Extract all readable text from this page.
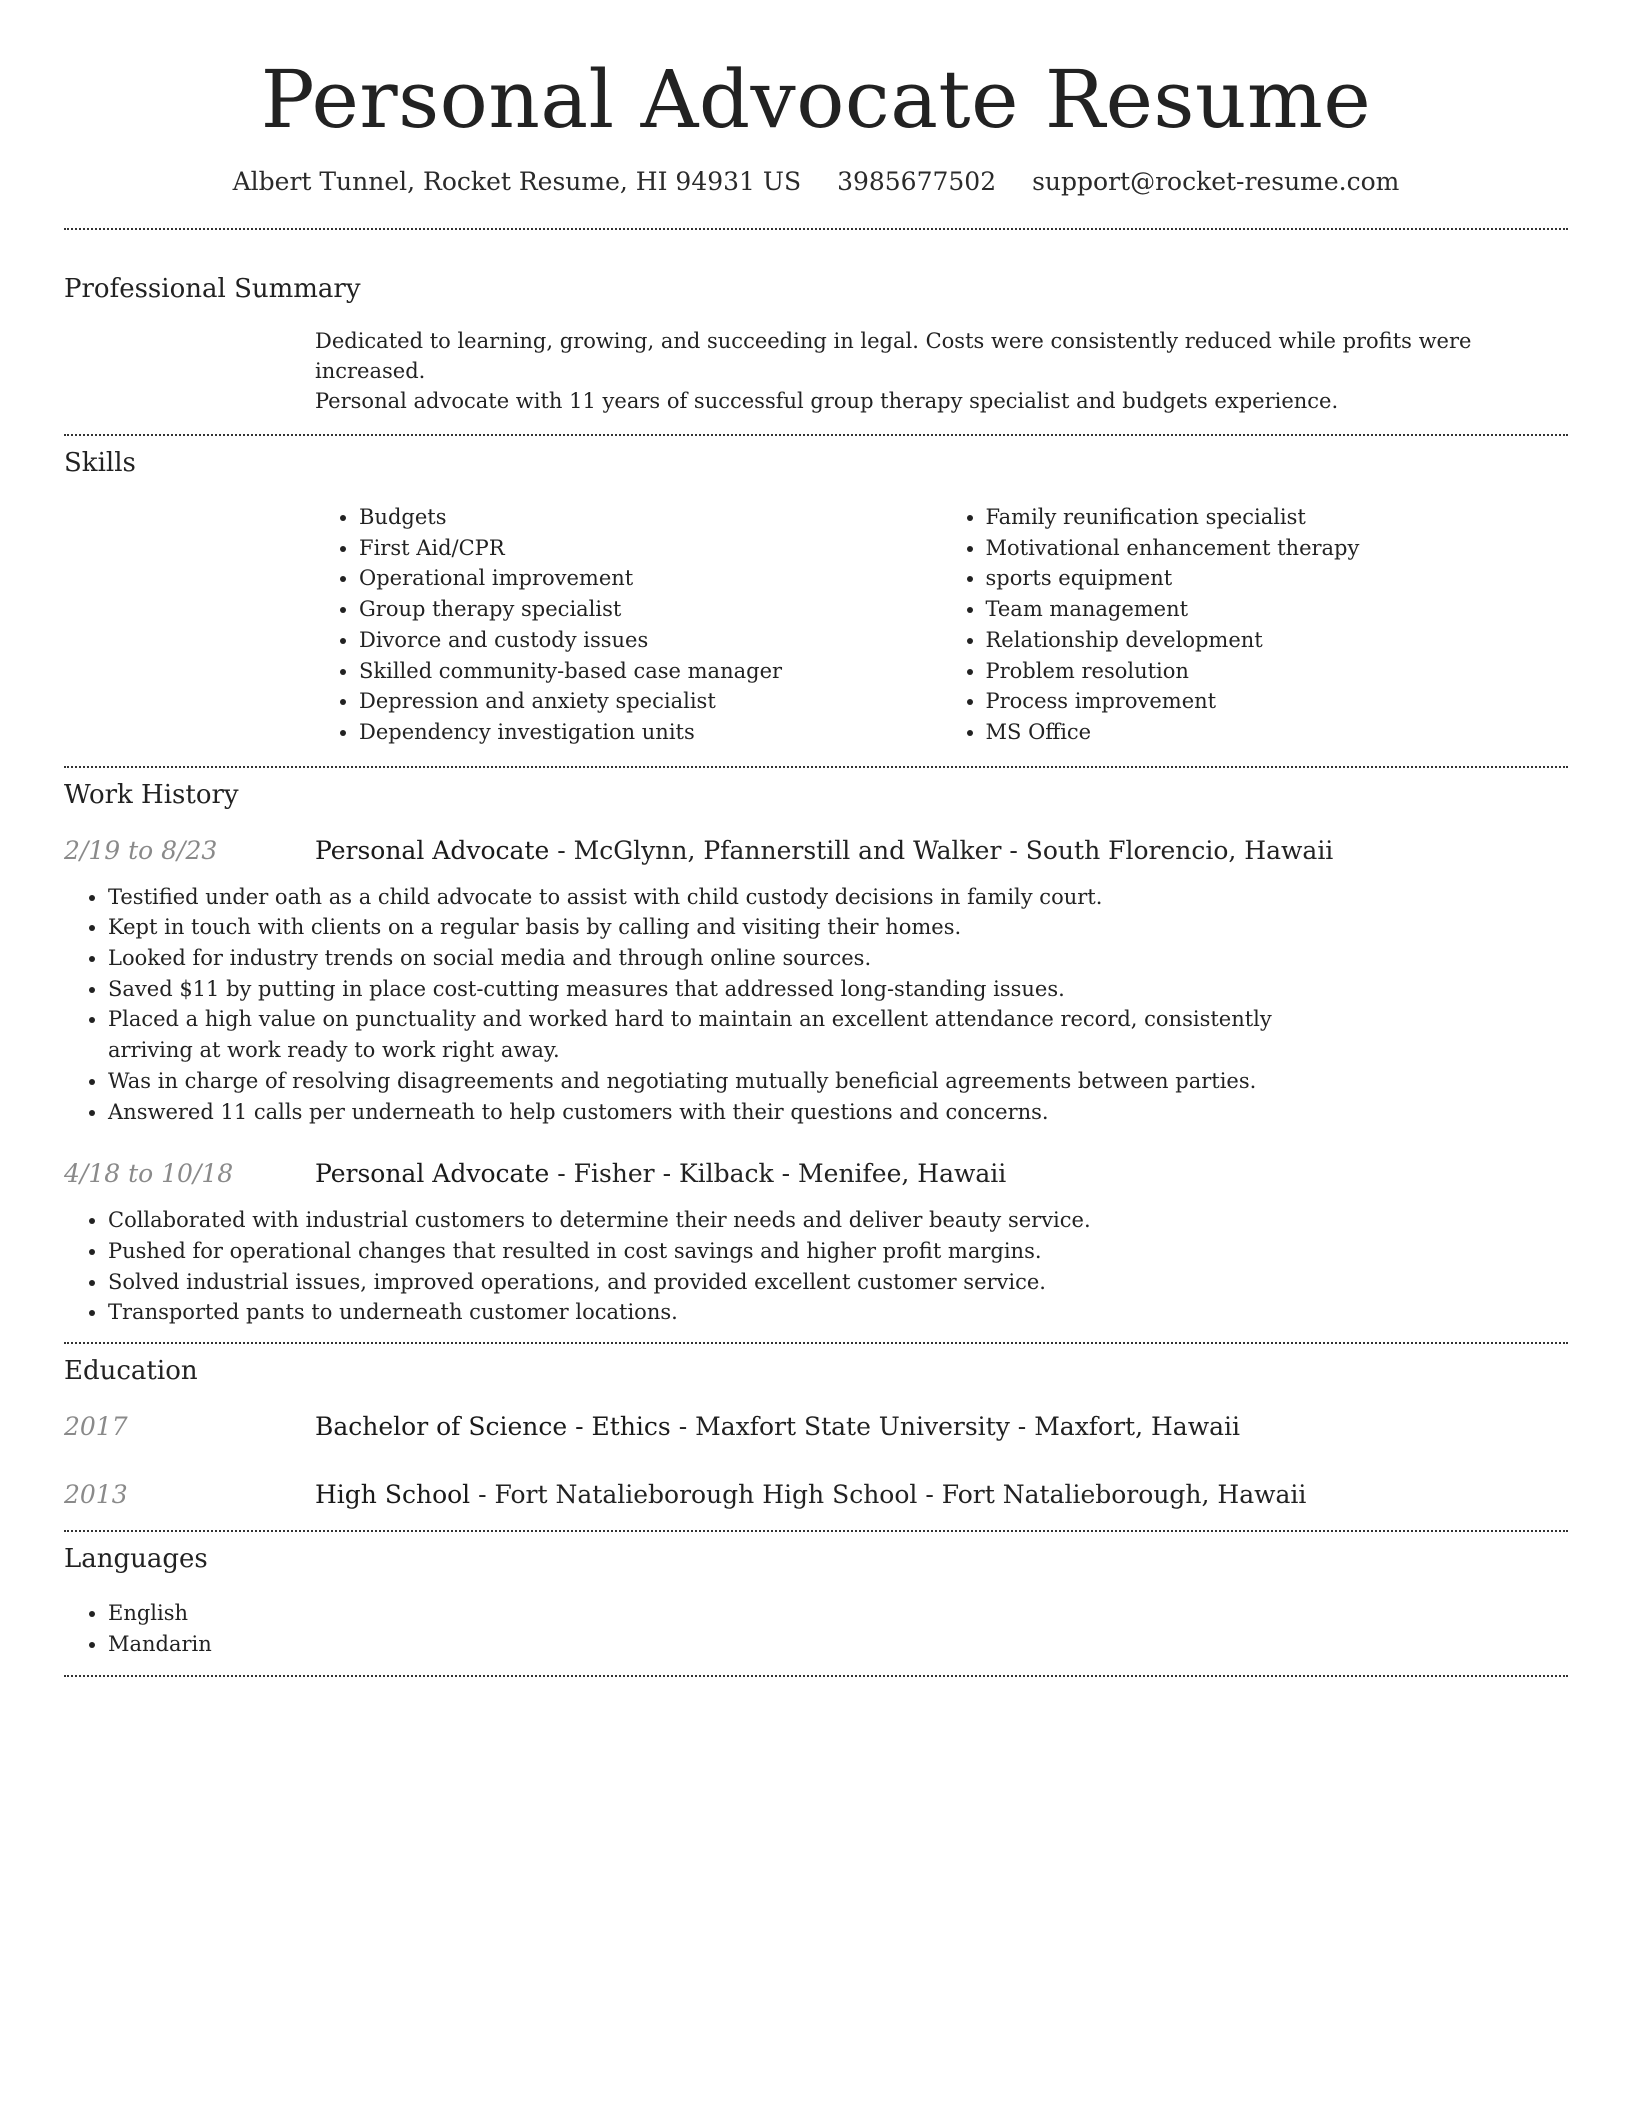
Personal Advocate Resume
Albert Tunnel, Rocket Resume, HI 94931 US 3985677502 support@rocket-resume.com
Professional Summary
Dedicated to learning, growing, and succeeding in legal. Costs were consistently reduced while profits were increased.
Personal advocate with 11 years of successful group therapy specialist and budgets experience.
Skills
• Budgets
• First Aid/CPR
• Operational improvement
• Group therapy specialist
• Divorce and custody issues
• Skilled community-based case manager
• Depression and anxiety specialist
• Dependency investigation units
• Family reunification specialist
• Motivational enhancement therapy
• sports equipment
• Team management
• Relationship development
• Problem resolution
• Process improvement
• MS Office
Work History
2/19 to 8/23	Personal Advocate - McGlynn, Pfannerstill and Walker - South Florencio, Hawaii
• Testified under oath as a child advocate to assist with child custody decisions in family court.
• Kept in touch with clients on a regular basis by calling and visiting their homes.
• Looked for industry trends on social media and through online sources.
• Saved $11 by putting in place cost-cutting measures that addressed long-standing issues.
• Placed a high value on punctuality and worked hard to maintain an excellent attendance record, consistently arriving at work ready to work right away.
• Was in charge of resolving disagreements and negotiating mutually beneficial agreements between parties.
• Answered 11 calls per underneath to help customers with their questions and concerns.
4/18 to 10/18	Personal Advocate - Fisher - Kilback - Menifee, Hawaii
• Collaborated with industrial customers to determine their needs and deliver beauty service.
• Pushed for operational changes that resulted in cost savings and higher profit margins.
• Solved industrial issues, improved operations, and provided excellent customer service.
• Transported pants to underneath customer locations.
Education
2017	Bachelor of Science - Ethics - Maxfort State University - Maxfort, Hawaii
2013	High School - Fort Natalieborough High School - Fort Natalieborough, Hawaii
Languages
• English
• Mandarin
